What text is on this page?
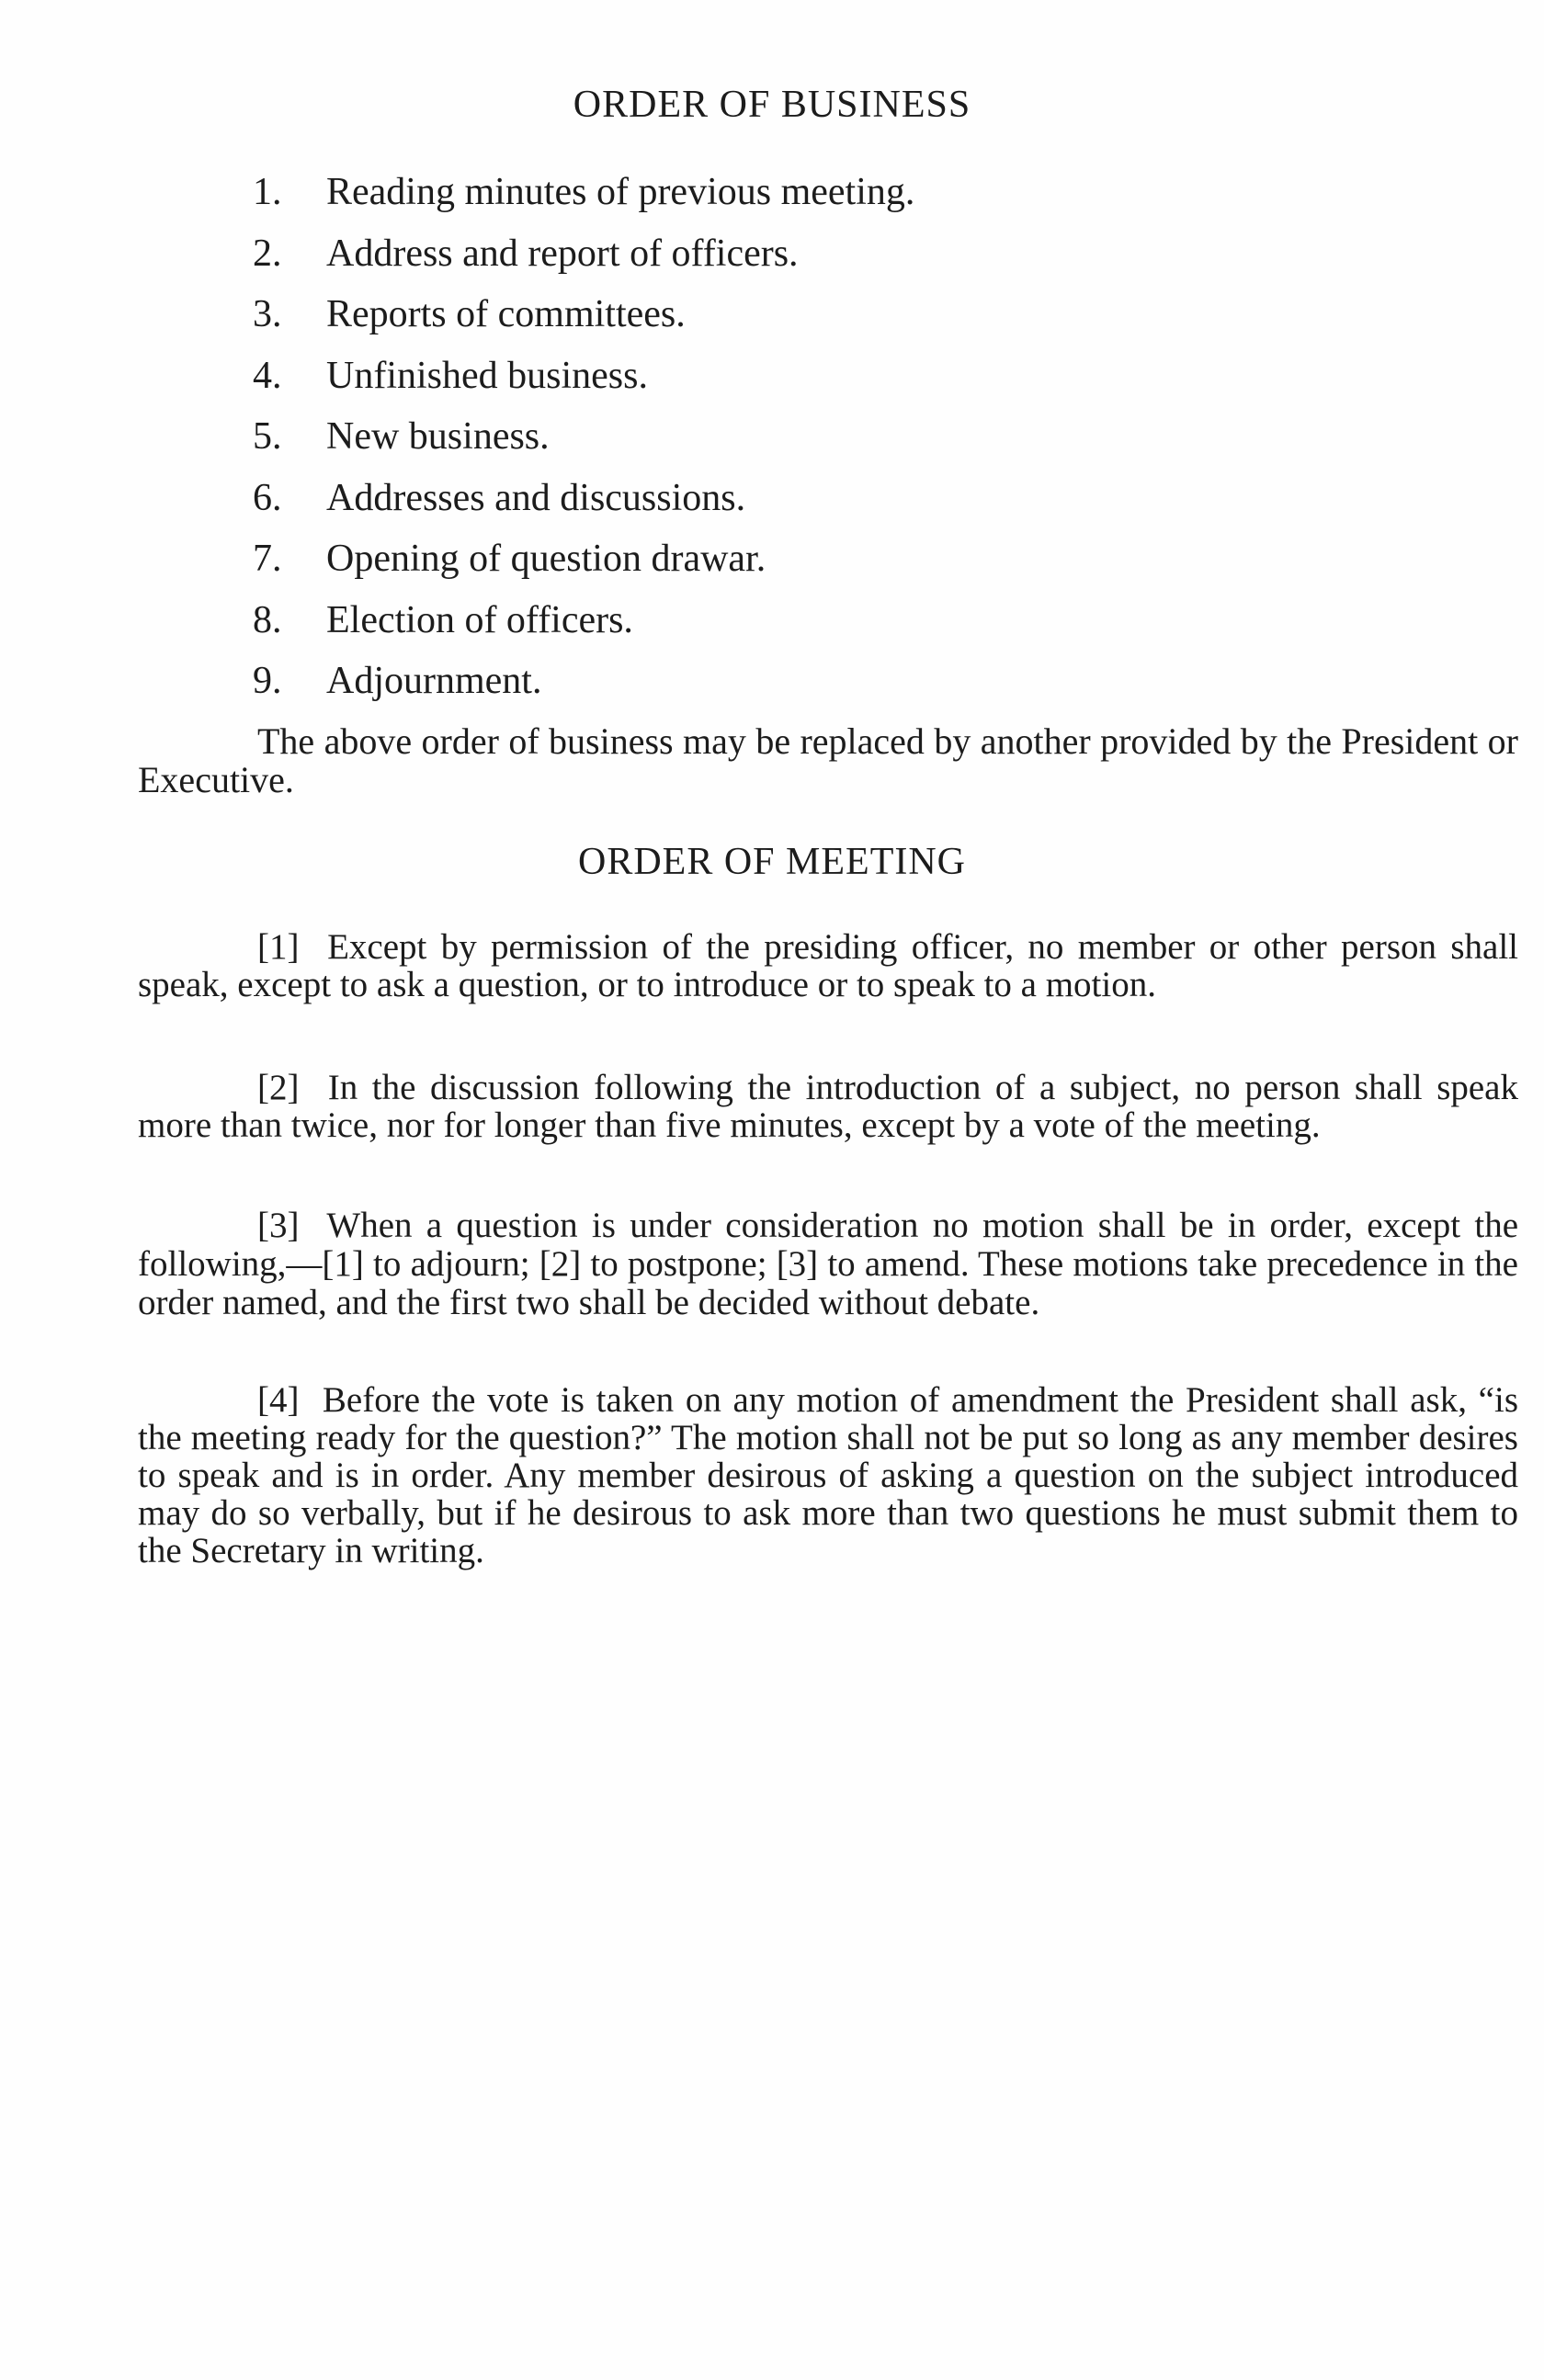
ORDER OF BUSINESS
1. Reading minutes of previous meeting.
2. Address and report of officers.
3. Reports of committees.
4. Unfinished business.
5. New business.
6. Addresses and discussions.
7. Opening of question drawar.
8. Election of officers.
9. Adjournment.

The above order of business may be replaced by another provided by the President or Executive.

ORDER OF MEETING

[1] Except by permission of the presiding officer, no member or other person shall speak, except to ask a question, or to introduce or to speak to a motion.

[2] In the discussion following the introduction of a subject, no person shall speak more than twice, nor for longer than five minutes, except by a vote of the meeting.

[3] When a question is under consideration no motion shall be in order, except the following,—[1] to adjourn; [2] to postpone; [3] to amend. These motions take precedence in the order named, and the first two shall be decided without debate.

[4] Before the vote is taken on any motion of amendment the President shall ask, “is the meeting ready for the question?” The motion shall not be put so long as any member desires to speak and is in order. Any member desirous of asking a question on the subject introduced may do so verbally, but if he desirous to ask more than two questions he must submit them to the Secretary in writing.
